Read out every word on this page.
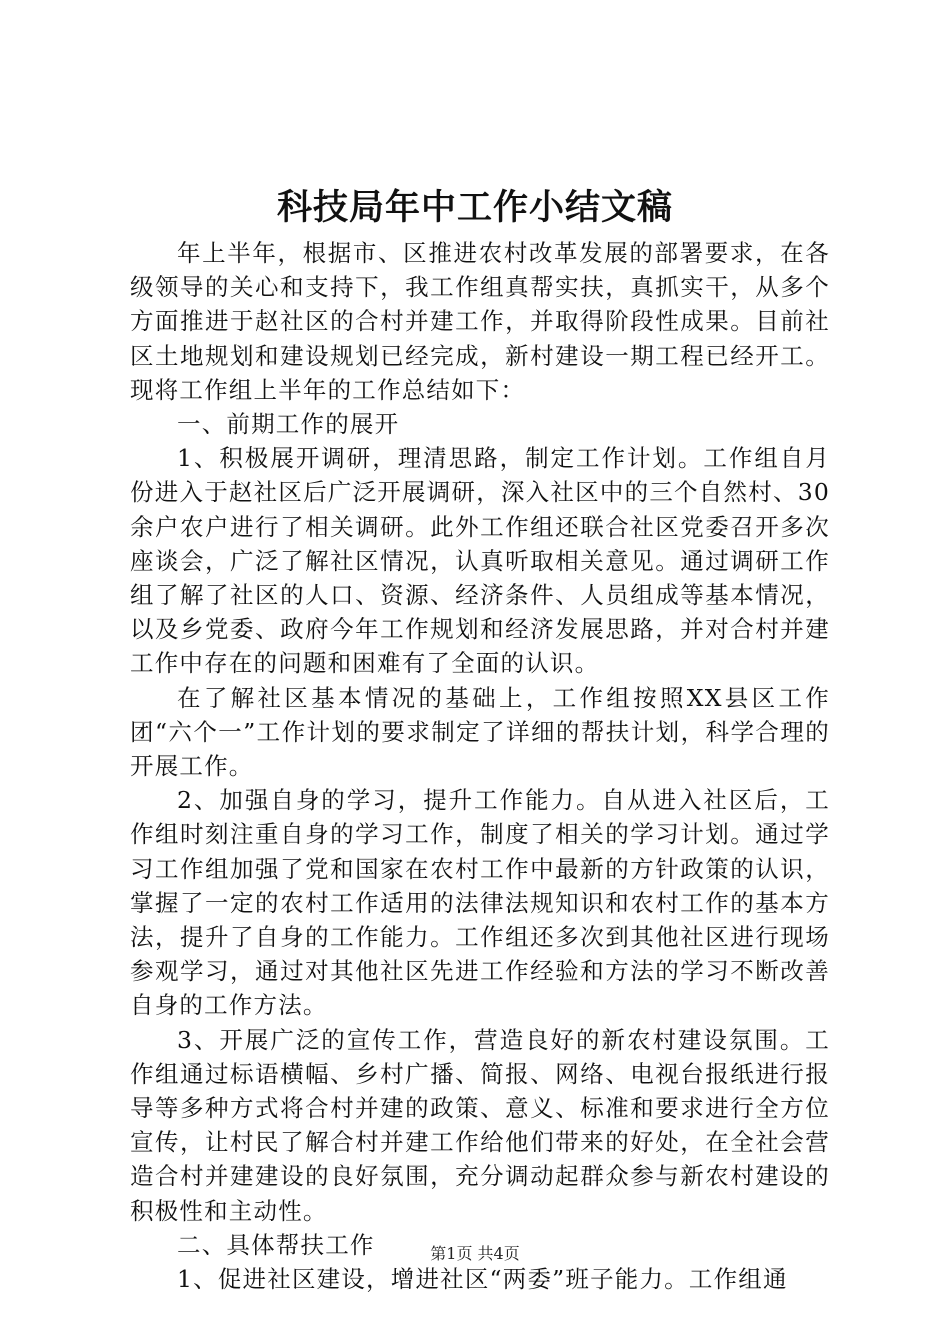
科技局年中工作小结文稿

年上半年，根据市、区推进农村改革发展的部署要求，在各级领导的关心和支持下，我工作组真帮实扶，真抓实干，从多个方面推进于赵社区的合村并建工作，并取得阶段性成果。目前社区土地规划和建设规划已经完成，新村建设一期工程已经开工。现将工作组上半年的工作总结如下：

一、前期工作的展开

1、积极展开调研，理清思路，制定工作计划。工作组自月份进入于赵社区后广泛开展调研，深入社区中的三个自然村、30余户农户进行了相关调研。此外工作组还联合社区党委召开多次座谈会，广泛了解社区情况，认真听取相关意见。通过调研工作组了解了社区的人口、资源、经济条件、人员组成等基本情况，以及乡党委、政府今年工作规划和经济发展思路，并对合村并建工作中存在的问题和困难有了全面的认识。

在了解社区基本情况的基础上，工作组按照XX县区工作团“六个一”工作计划的要求制定了详细的帮扶计划，科学合理的开展工作。

2、加强自身的学习，提升工作能力。自从进入社区后，工作组时刻注重自身的学习工作，制度了相关的学习计划。通过学习工作组加强了党和国家在农村工作中最新的方针政策的认识，掌握了一定的农村工作适用的法律法规知识和农村工作的基本方法，提升了自身的工作能力。工作组还多次到其他社区进行现场参观学习，通过对其他社区先进工作经验和方法的学习不断改善自身的工作方法。

3、开展广泛的宣传工作，营造良好的新农村建设氛围。工作组通过标语横幅、乡村广播、简报、网络、电视台报纸进行报导等多种方式将合村并建的政策、意义、标准和要求进行全方位宣传，让村民了解合村并建工作给他们带来的好处，在全社会营造合村并建建设的良好氛围，充分调动起群众参与新农村建设的积极性和主动性。

二、具体帮扶工作

1、促进社区建设，增进社区“两委”班子能力。工作组通

第1页 共4页
